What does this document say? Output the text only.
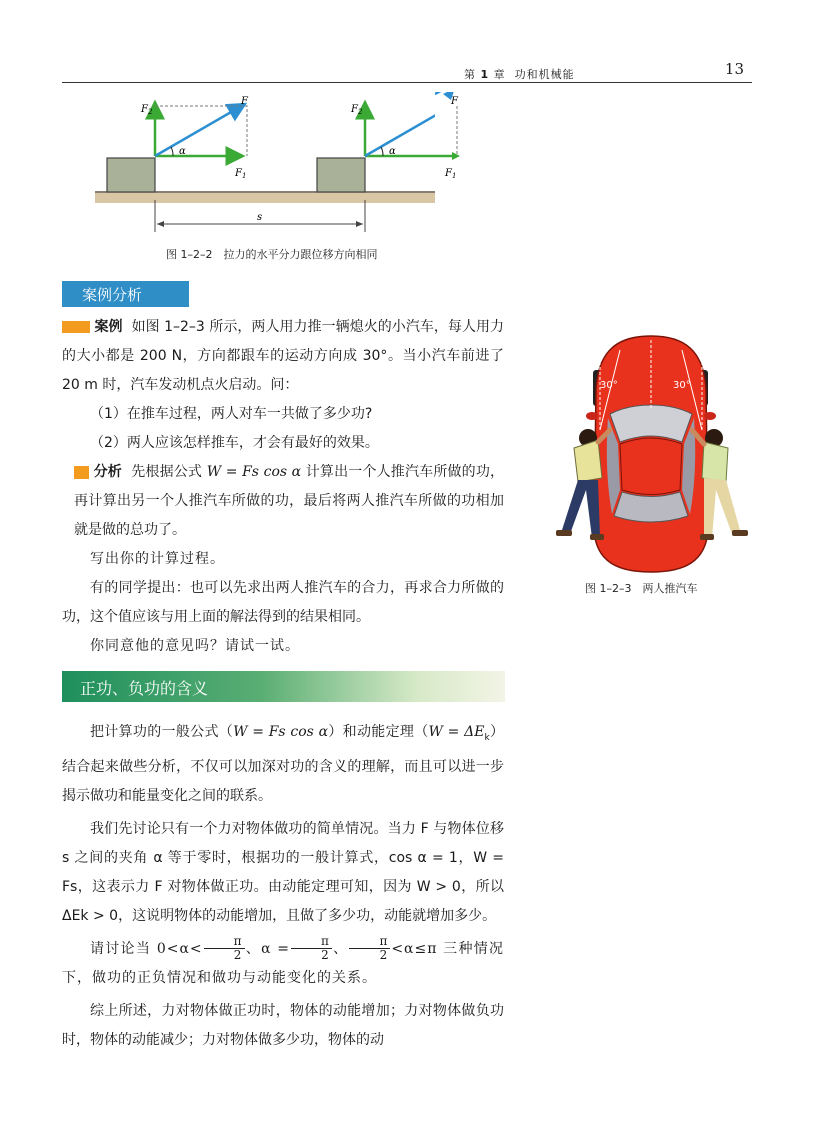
第 1 章 功和机械能	13
$F_2$
F
$F_1$
α
$F_2$
α
s
F
$F_1$
图 1–2–2　拉力的水平分力跟位移方向相同
案例分析

案例 如图 1–2–3 所示，两人用力推一辆熄火的小汽车，每人用力的大小都是 200 N，方向都跟车的运动方向成 30°。当小汽车前进了 20 m 时，汽车发动机点火启动。问：

（1）在推车过程，两人对车一共做了多少功?

（2）两人应该怎样推车，才会有最好的效果。

分析 先根据公式 W = Fs cos α 计算出一个人推汽车所做的功，再计算出另一个人推汽车所做的功，最后将两人推汽车所做的功相加就是做的总功了。

写出你的计算过程。

有的同学提出：也可以先求出两人推汽车的合力，再求合力所做的功，这个值应该与用上面的解法得到的结果相同。

你同意他的意见吗？请试一试。

30°	30°
图 1–2–3　两人推汽车
正功、负功的含义

把计算功的一般公式（W = Fs cos α）和动能定理$(W = \Delta E_k)$结合起来做些分析，不仅可以加深对功的含义的理解，而且可以进一步揭示做功和能量变化之间的联系。

我们先讨论只有一个力对物体做功的简单情况。当力 F 与物体位移 s 之间的夹角 α 等于零时，根据功的一般计算式，cos α = 1，W = Fs，这表示力 F 对物体做正功。由动能定理可知，因为 W > 0，所以 ΔEk > 0，这说明物体的动能增加，且做了多少功，动能就增加多少。

请讨论当 $0<\alpha< \frac{\pi}{2}$ 、$\alpha = \frac{\pi}{2}$ 、 $\frac{\pi}{2} <\alpha\le\pi$ 三种情况下，做功的正负情况和做功与动能变化的关系。

综上所述，力对物体做正功时，物体的动能增加；力对物体做负功时，物体的动能减少；力对物体做多少功，物体的动
